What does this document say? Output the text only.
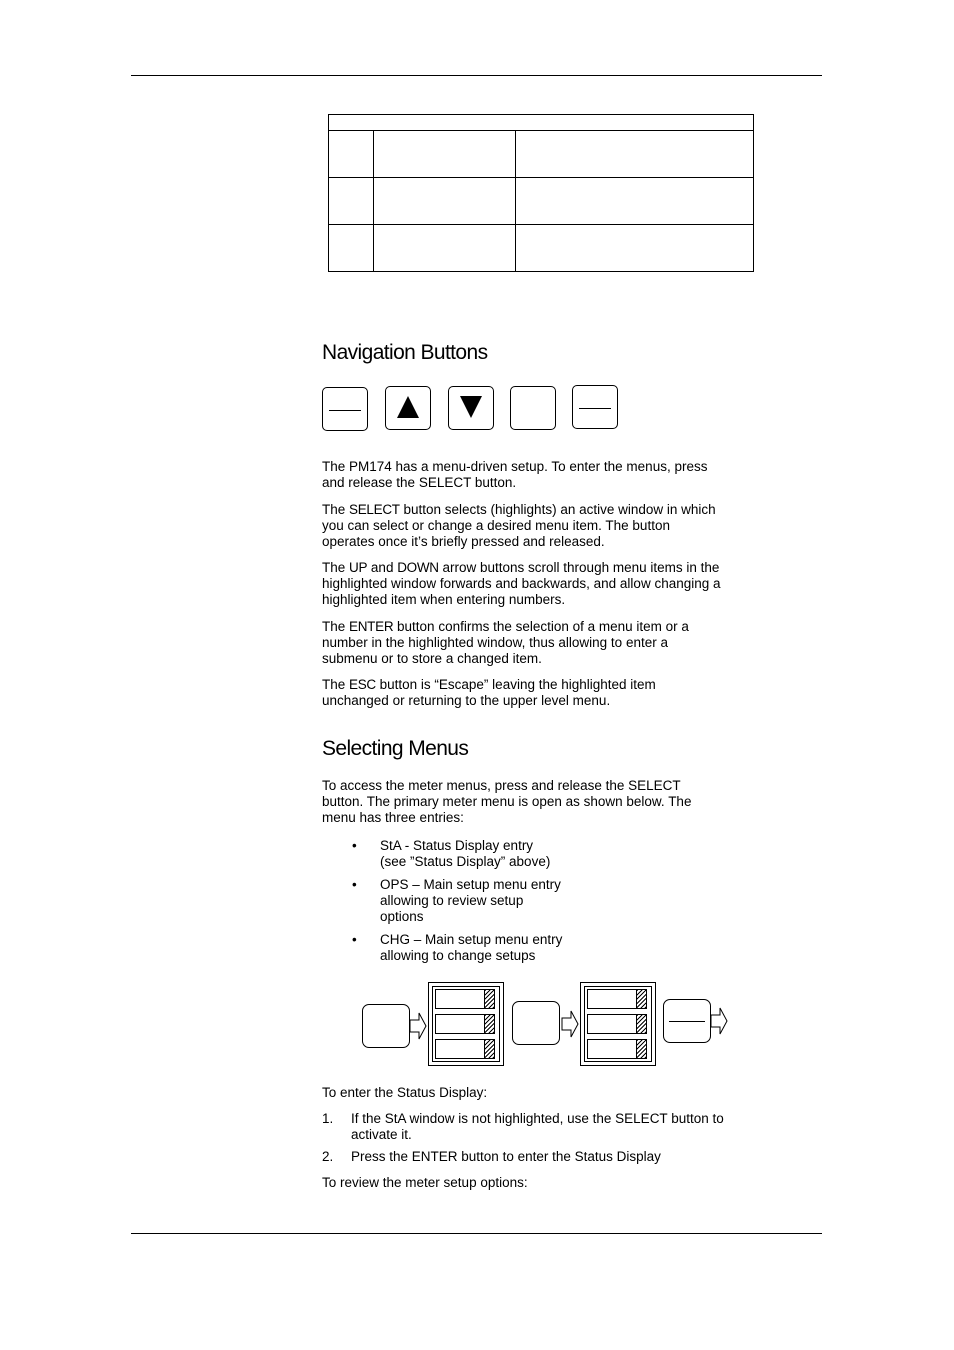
Navigation Buttons

The PM174 has a menu-driven setup. To enter the menus, press and release the SELECT button.

The SELECT button selects (highlights) an active window in which you can select or change a desired menu item. The button operates once it’s briefly pressed and released.

The UP and DOWN arrow buttons scroll through menu items in the highlighted window forwards and backwards, and allow changing a highlighted item when entering numbers.

The ENTER button confirms the selection of a menu item or a number in the highlighted window, thus allowing to enter a submenu or to store a changed item.

The ESC button is “Escape” leaving the highlighted item unchanged or returning to the upper level menu.

Selecting Menus

To access the meter menus, press and release the SELECT button. The primary meter menu is open as shown below. The menu has three entries:

• StA - Status Display entry
(see ”Status Display” above)
• OPS – Main setup menu entry
allowing to review setup
options
• CHG – Main setup menu entry
allowing to change setups

To enter the Status Display:

1. If the StA window is not highlighted, use the SELECT button to activate it.
2. Press the ENTER button to enter the Status Display

To review the meter setup options:
